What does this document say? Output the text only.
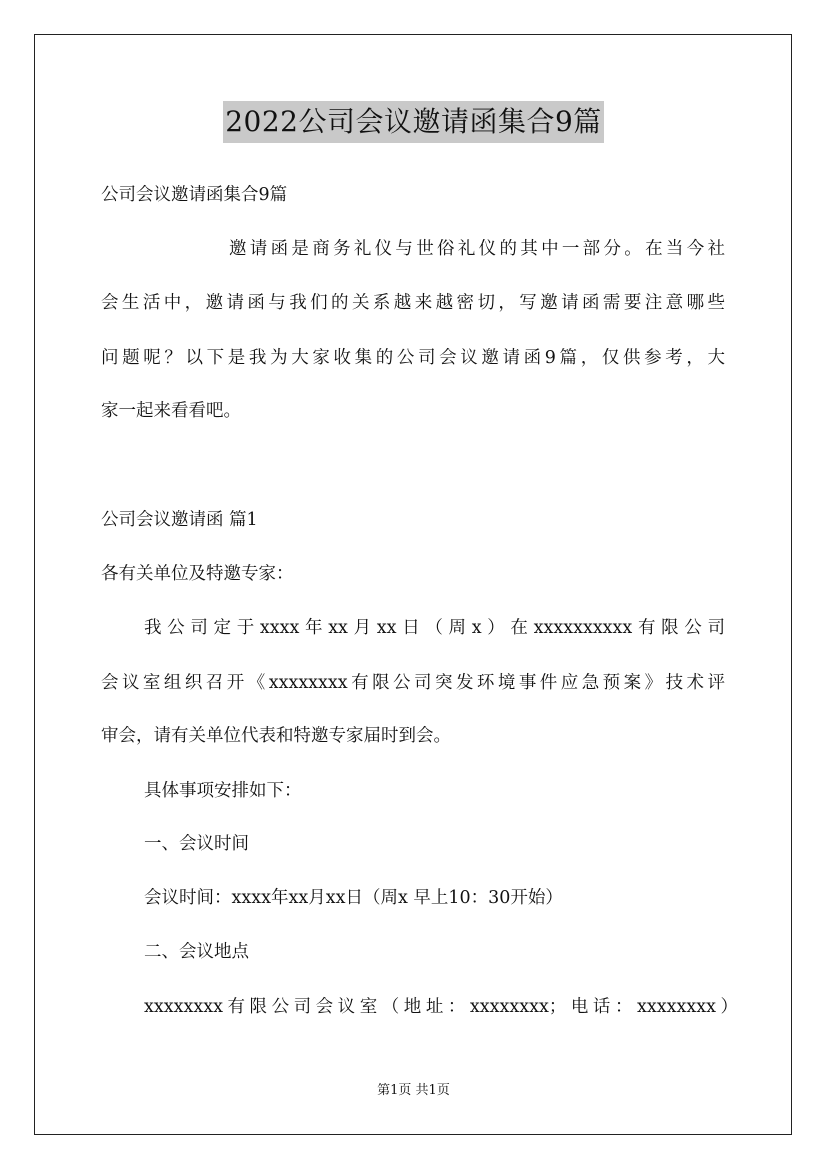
2022公司会议邀请函集合9篇
公司会议邀请函集合9篇
邀请函是商务礼仪与世俗礼仪的其中一部分。在当今社
会生活中，邀请函与我们的关系越来越密切，写邀请函需要注意哪些
问题呢？以下是我为大家收集的公司会议邀请函9篇，仅供参考，大
家一起来看看吧。
公司会议邀请函 篇1
各有关单位及特邀专家：
我公司定于xxxx年xx月xx日（周x）在xxxxxxxxxx有限公司
会议室组织召开《xxxxxxxx有限公司突发环境事件应急预案》技术评
审会，请有关单位代表和特邀专家届时到会。
具体事项安排如下：
一、会议时间
会议时间：xxxx年xx月xx日（周x 早上10：30开始）
二、会议地点
xxxxxxxx有限公司会议室（地址：xxxxxxxx；电话：xxxxxxxx）
第1页 共1页
